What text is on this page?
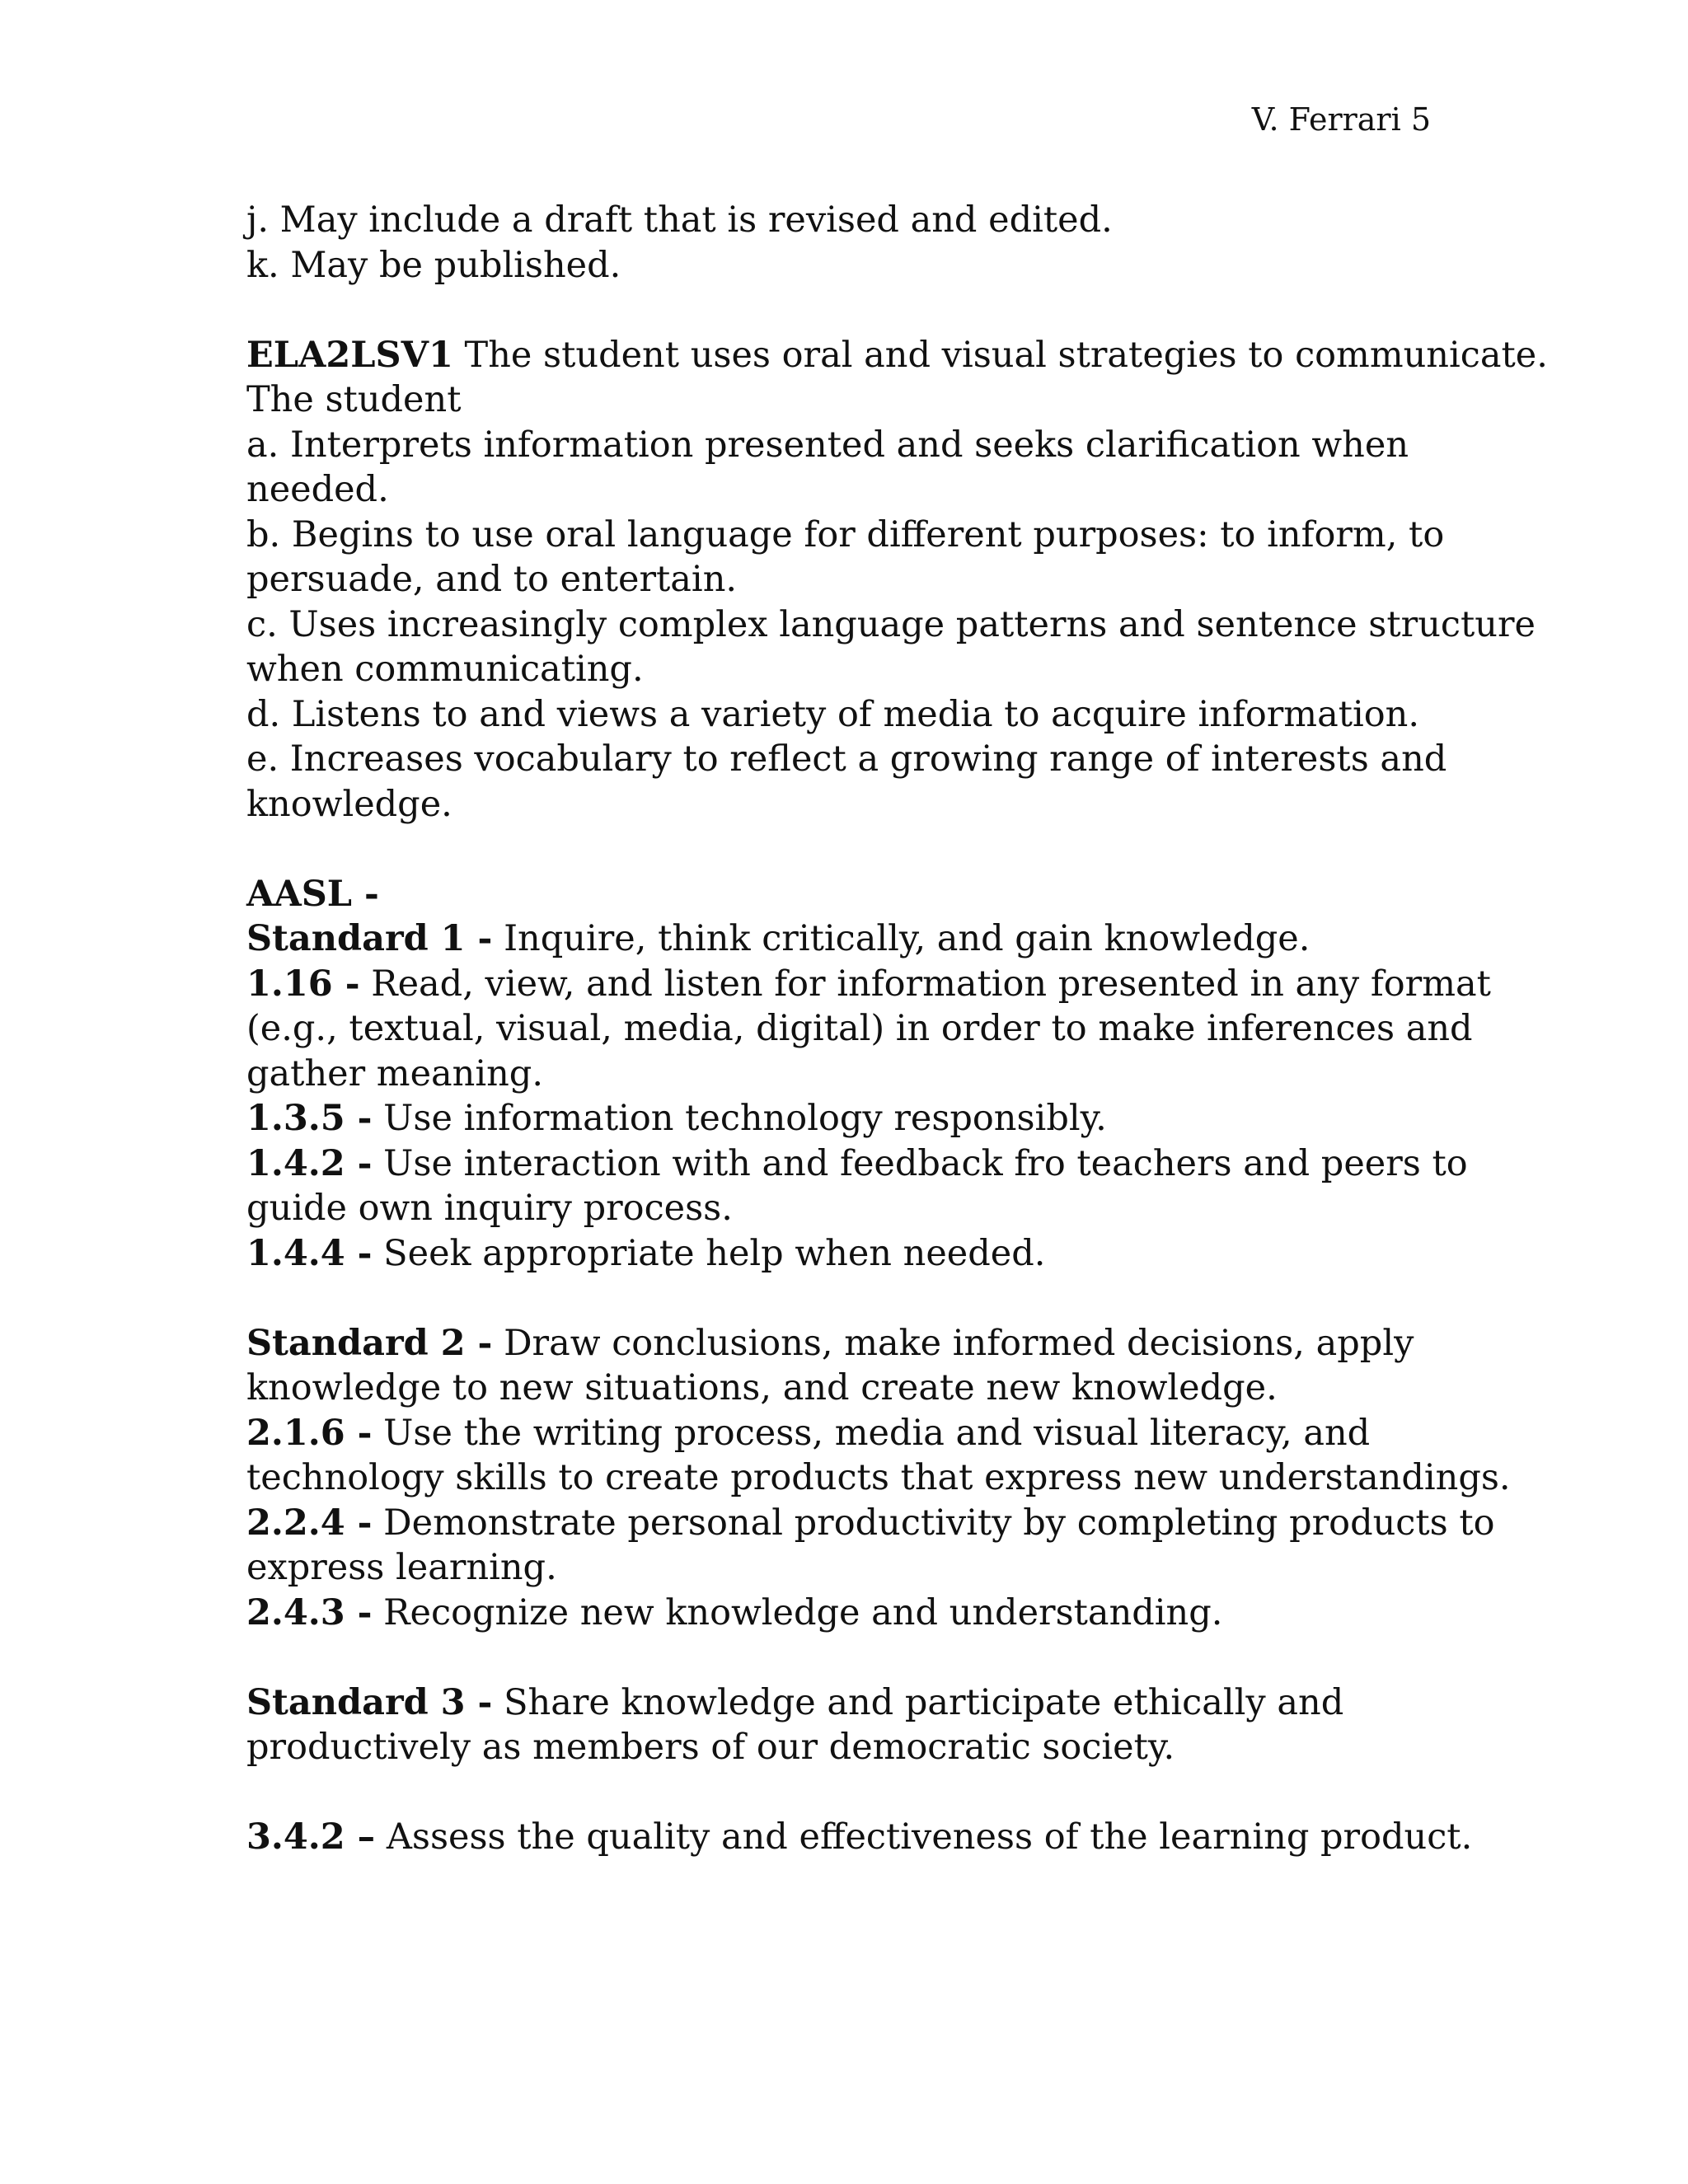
V. Ferrari 5
j. May include a draft that is revised and edited.
k. May be published.
ELA2LSV1 The student uses oral and visual strategies to communicate.
The student
a. Interprets information presented and seeks clarification when
needed.
b. Begins to use oral language for different purposes: to inform, to
persuade, and to entertain.
c. Uses increasingly complex language patterns and sentence structure
when communicating.
d. Listens to and views a variety of media to acquire information.
e. Increases vocabulary to reflect a growing range of interests and
knowledge.
AASL -
Standard 1 - Inquire, think critically, and gain knowledge.
1.16 - Read, view, and listen for information presented in any format
(e.g., textual, visual, media, digital) in order to make inferences and
gather meaning.
1.3.5 - Use information technology responsibly.
1.4.2 - Use interaction with and feedback fro teachers and peers to
guide own inquiry process.
1.4.4 - Seek appropriate help when needed.
Standard 2 - Draw conclusions, make informed decisions, apply
knowledge to new situations, and create new knowledge.
2.1.6 - Use the writing process, media and visual literacy, and
technology skills to create products that express new understandings.
2.2.4 - Demonstrate personal productivity by completing products to
express learning.
2.4.3 - Recognize new knowledge and understanding.
Standard 3 - Share knowledge and participate ethically and
productively as members of our democratic society.
3.4.2 – Assess the quality and effectiveness of the learning product.
